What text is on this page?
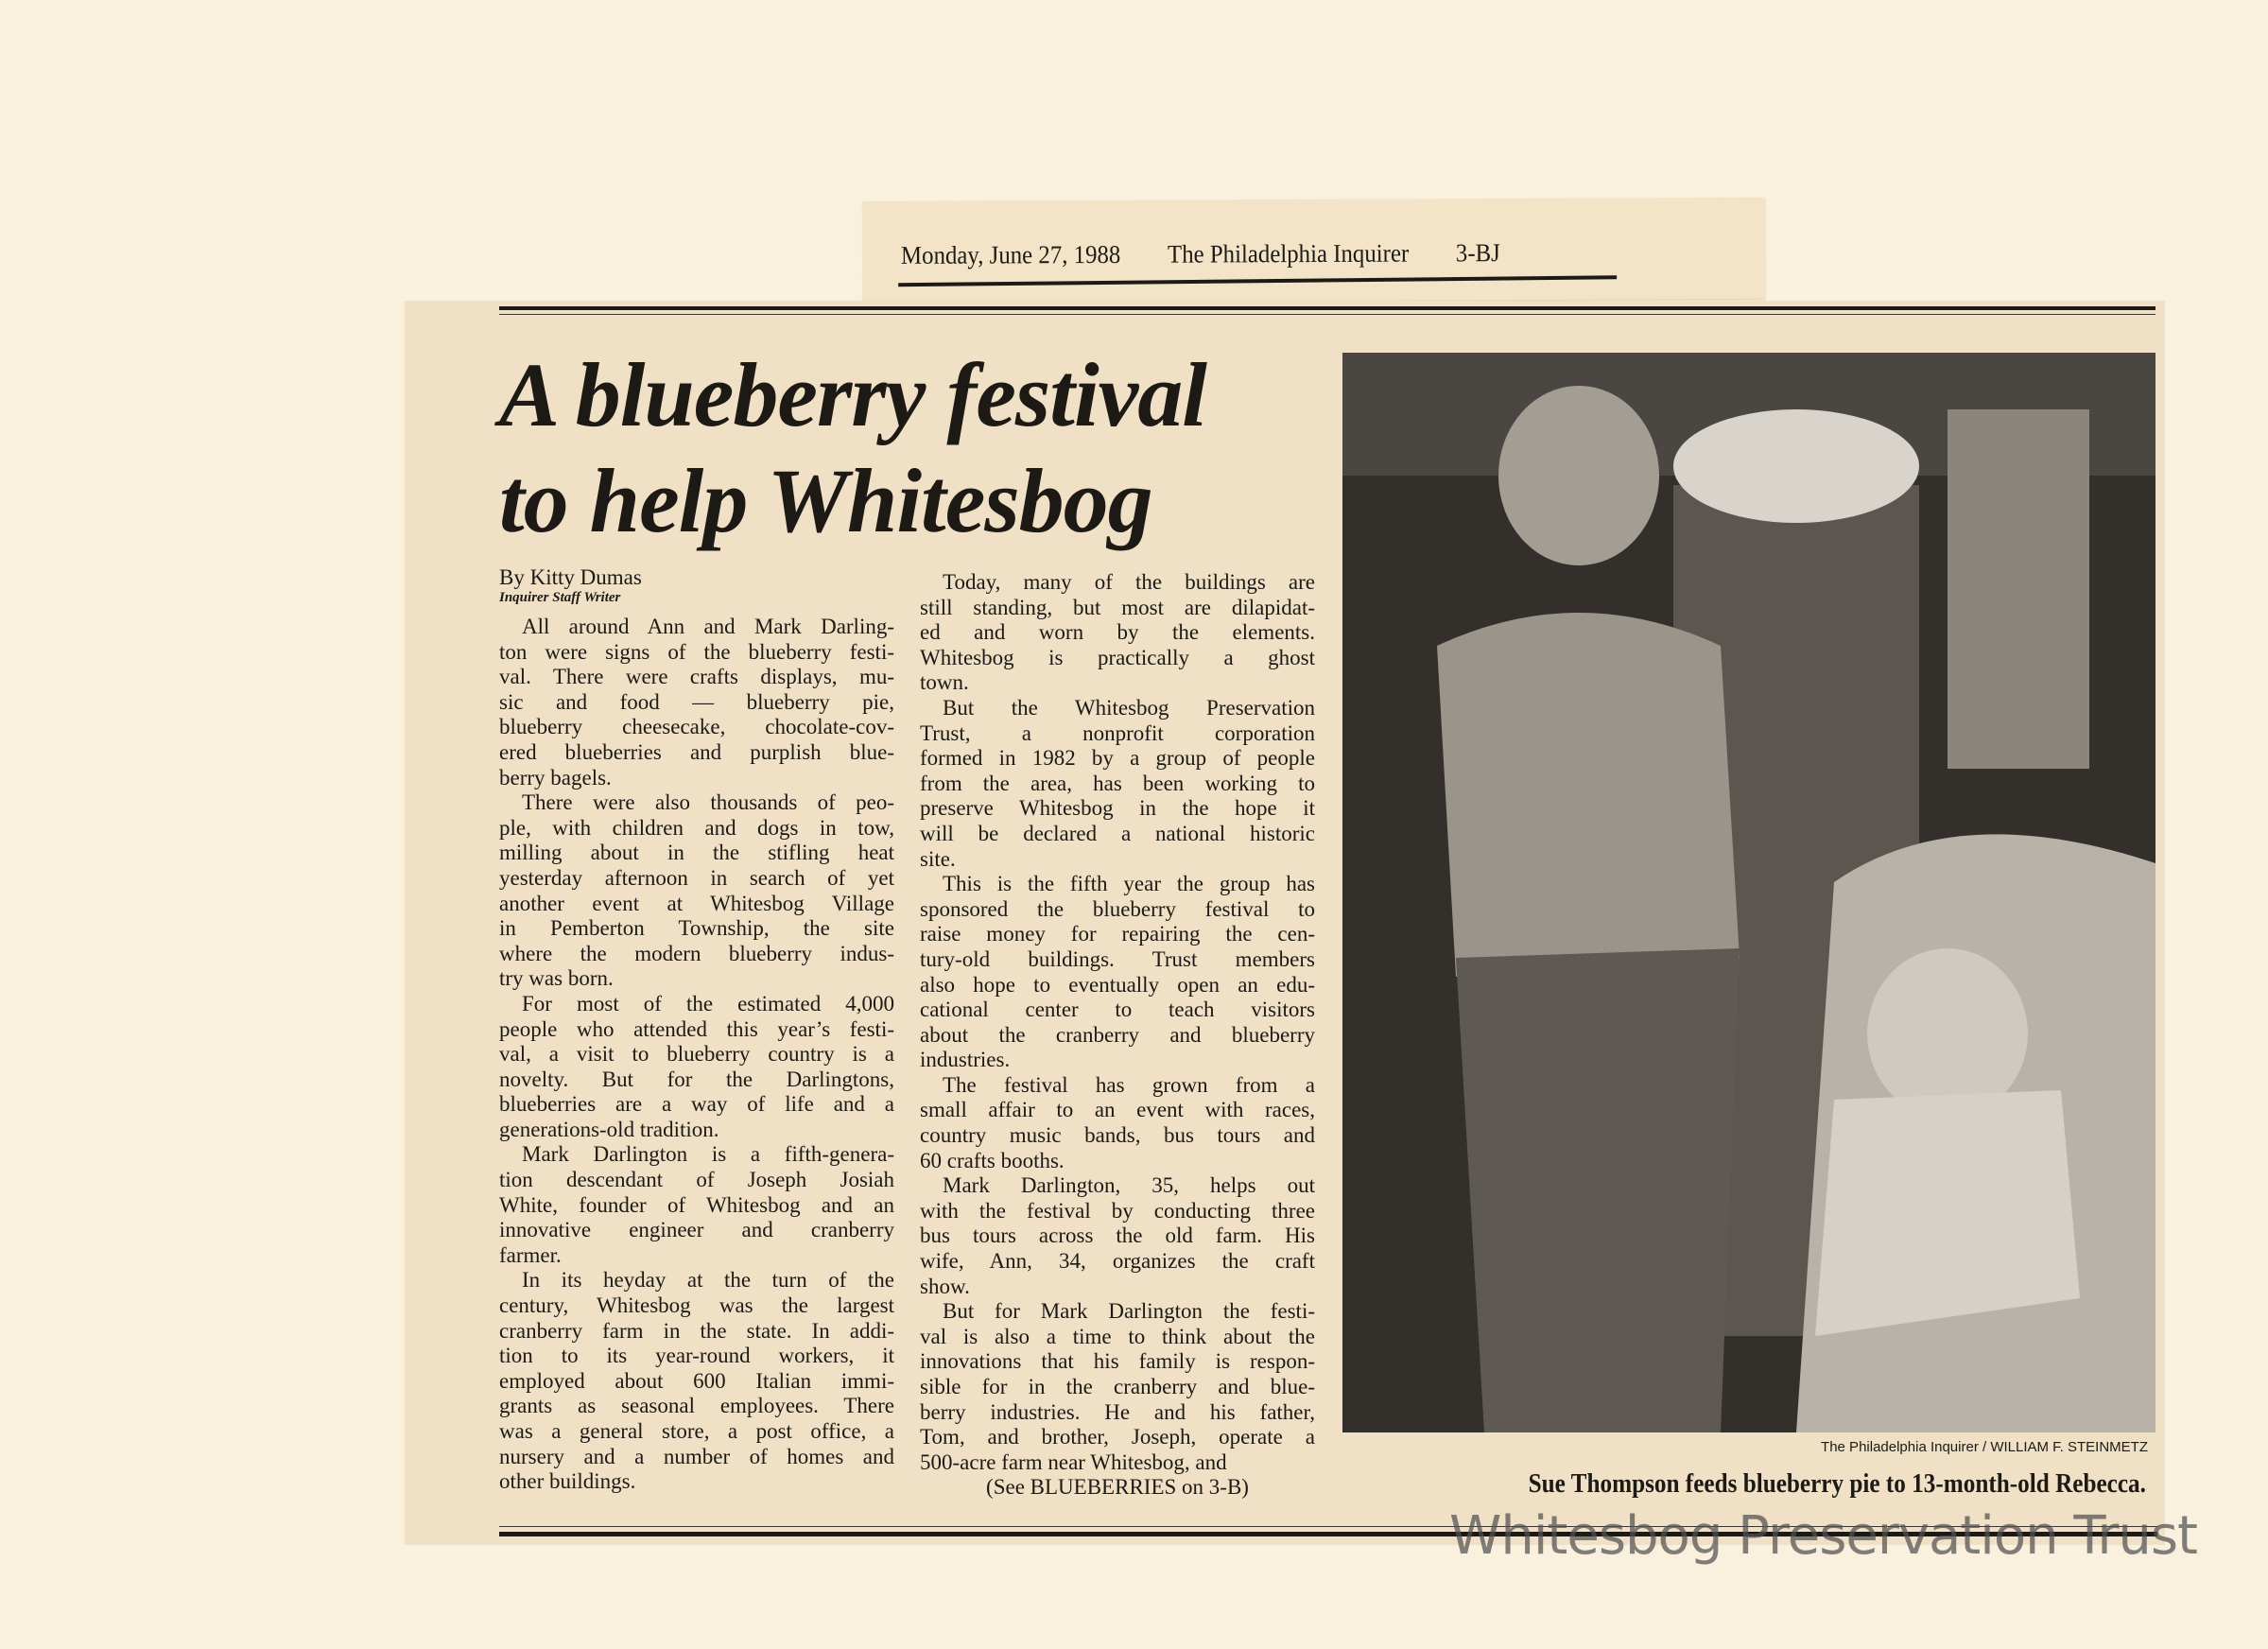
Monday, June 27, 1988 The Philadelphia Inquirer 3-BJ
A blueberry festival
to help Whitesbog
By Kitty Dumas
Inquirer Staff Writer
All around Ann and Mark Darling-
ton were signs of the blueberry festi-
val. There were crafts displays, mu-
sic and food — blueberry pie,
blueberry cheesecake, chocolate-cov-
ered blueberries and purplish blue-
berry bagels.
There were also thousands of peo-
ple, with children and dogs in tow,
milling about in the stifling heat
yesterday afternoon in search of yet
another event at Whitesbog Village
in Pemberton Township, the site
where the modern blueberry indus-
try was born.
For most of the estimated 4,000
people who attended this year’s festi-
val, a visit to blueberry country is a
novelty. But for the Darlingtons,
blueberries are a way of life and a
generations-old tradition.
Mark Darlington is a fifth-genera-
tion descendant of Joseph Josiah
White, founder of Whitesbog and an
innovative engineer and cranberry
farmer.
In its heyday at the turn of the
century, Whitesbog was the largest
cranberry farm in the state. In addi-
tion to its year-round workers, it
employed about 600 Italian immi-
grants as seasonal employees. There
was a general store, a post office, a
nursery and a number of homes and
other buildings.
Today, many of the buildings are
still standing, but most are dilapidat-
ed and worn by the elements.
Whitesbog is practically a ghost
town.
But the Whitesbog Preservation
Trust, a nonprofit corporation
formed in 1982 by a group of people
from the area, has been working to
preserve Whitesbog in the hope it
will be declared a national historic
site.
This is the fifth year the group has
sponsored the blueberry festival to
raise money for repairing the cen-
tury-old buildings. Trust members
also hope to eventually open an edu-
cational center to teach visitors
about the cranberry and blueberry
industries.
The festival has grown from a
small affair to an event with races,
country music bands, bus tours and
60 crafts booths.
Mark Darlington, 35, helps out
with the festival by conducting three
bus tours across the old farm. His
wife, Ann, 34, organizes the craft
show.
But for Mark Darlington the festi-
val is also a time to think about the
innovations that his family is respon-
sible for in the cranberry and blue-
berry industries. He and his father,
Tom, and brother, Joseph, operate a
500-acre farm near Whitesbog, and
(See BLUEBERRIES on 3-B)
The Philadelphia Inquirer / WILLIAM F. STEINMETZ
Sue Thompson feeds blueberry pie to 13-month-old Rebecca.
Whitesbog Preservation Trust
